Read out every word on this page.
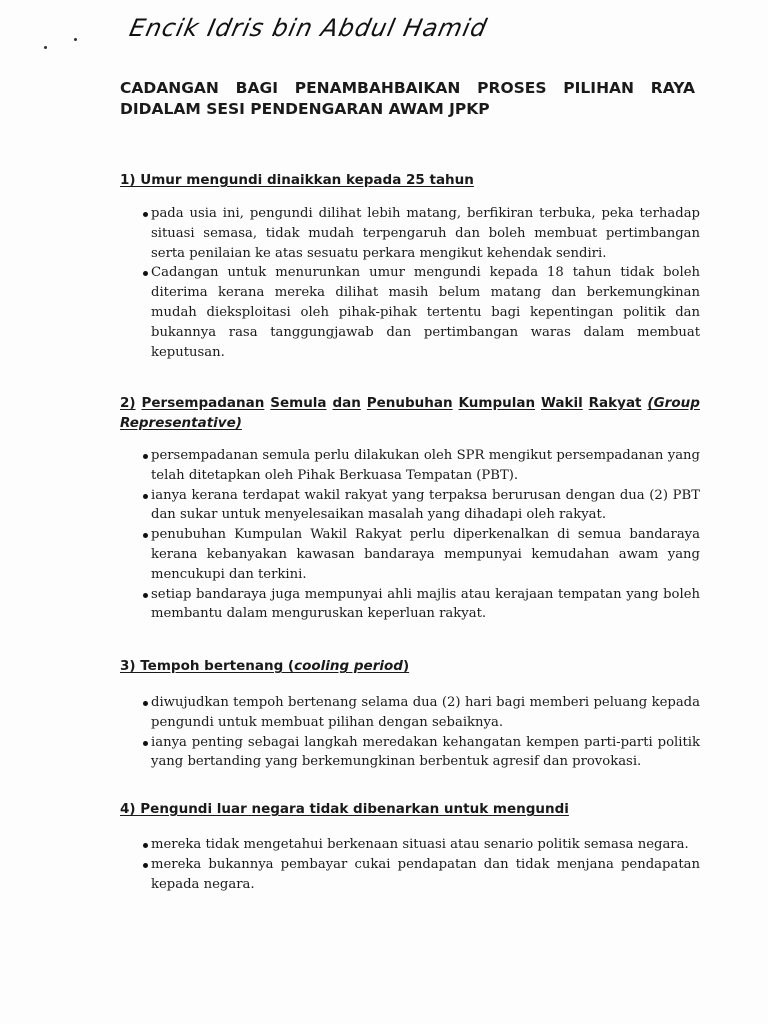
Encik Idris bin Abdul Hamid
CADANGAN BAGI PENAMBAHBAIKAN PROSES PILIHAN RAYA
DIDALAM SESI PENDENGARAN AWAM JPKP
1) Umur mengundi dinaikkan kepada 25 tahun
pada usia ini, pengundi dilihat lebih matang, berfikiran terbuka, peka terhadap situasi semasa, tidak mudah terpengaruh dan boleh membuat pertimbangan serta penilaian ke atas sesuatu perkara mengikut kehendak sendiri.
Cadangan untuk menurunkan umur mengundi kepada 18 tahun tidak boleh diterima kerana mereka dilihat masih belum matang dan berkemungkinan mudah dieksploitasi oleh pihak-pihak tertentu bagi kepentingan politik dan bukannya rasa tanggungjawab dan pertimbangan waras dalam membuat keputusan.
2) Persempadanan Semula dan Penubuhan Kumpulan Wakil Rakyat (Group
Representative)
persempadanan semula perlu dilakukan oleh SPR mengikut persempadanan yang telah ditetapkan oleh Pihak Berkuasa Tempatan (PBT).
ianya kerana terdapat wakil rakyat yang terpaksa berurusan dengan dua (2) PBT dan sukar untuk menyelesaikan masalah yang dihadapi oleh rakyat.
penubuhan Kumpulan Wakil Rakyat perlu diperkenalkan di semua bandaraya kerana kebanyakan kawasan bandaraya mempunyai kemudahan awam yang mencukupi dan terkini.
setiap bandaraya juga mempunyai ahli majlis atau kerajaan tempatan yang boleh membantu dalam menguruskan keperluan rakyat.
3) Tempoh bertenang (cooling period)
diwujudkan tempoh bertenang selama dua (2) hari bagi memberi peluang kepada pengundi untuk membuat pilihan dengan sebaiknya.
ianya penting sebagai langkah meredakan kehangatan kempen parti-parti politik yang bertanding yang berkemungkinan berbentuk agresif dan provokasi.
4) Pengundi luar negara tidak dibenarkan untuk mengundi
mereka tidak mengetahui berkenaan situasi atau senario politik semasa negara.
mereka bukannya pembayar cukai pendapatan dan tidak menjana pendapatan kepada negara.
